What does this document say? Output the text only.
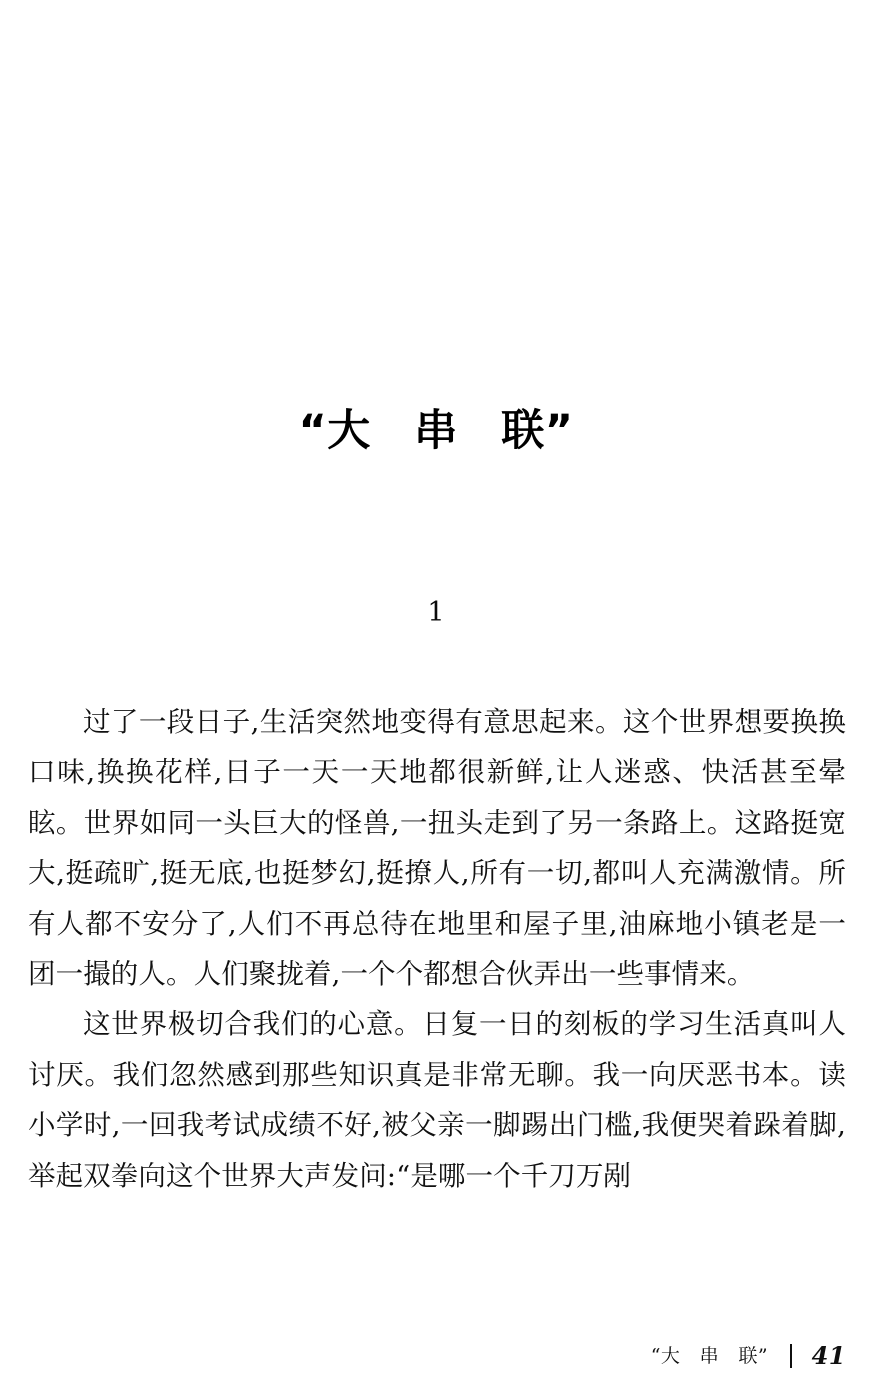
“大　串　联”
1

过了一段日子,生活突然地变得有意思起来。这个世界想要换换口味,换换花样,日子一天一天地都很新鲜,让人迷惑、快活甚至晕眩。世界如同一头巨大的怪兽,一扭头走到了另一条路上。这路挺宽大,挺疏旷,挺无底,也挺梦幻,挺撩人,所有一切,都叫人充满激情。所有人都不安分了,人们不再总待在地里和屋子里,油麻地小镇老是一团一撮的人。人们聚拢着,一个个都想合伙弄出一些事情来。

这世界极切合我们的心意。日复一日的刻板的学习生活真叫人讨厌。我们忽然感到那些知识真是非常无聊。我一向厌恶书本。读小学时,一回我考试成绩不好,被父亲一脚踢出门槛,我便哭着跺着脚,举起双拳向这个世界大声发问:“是哪一个千刀万剐

“大　串　联” 41
